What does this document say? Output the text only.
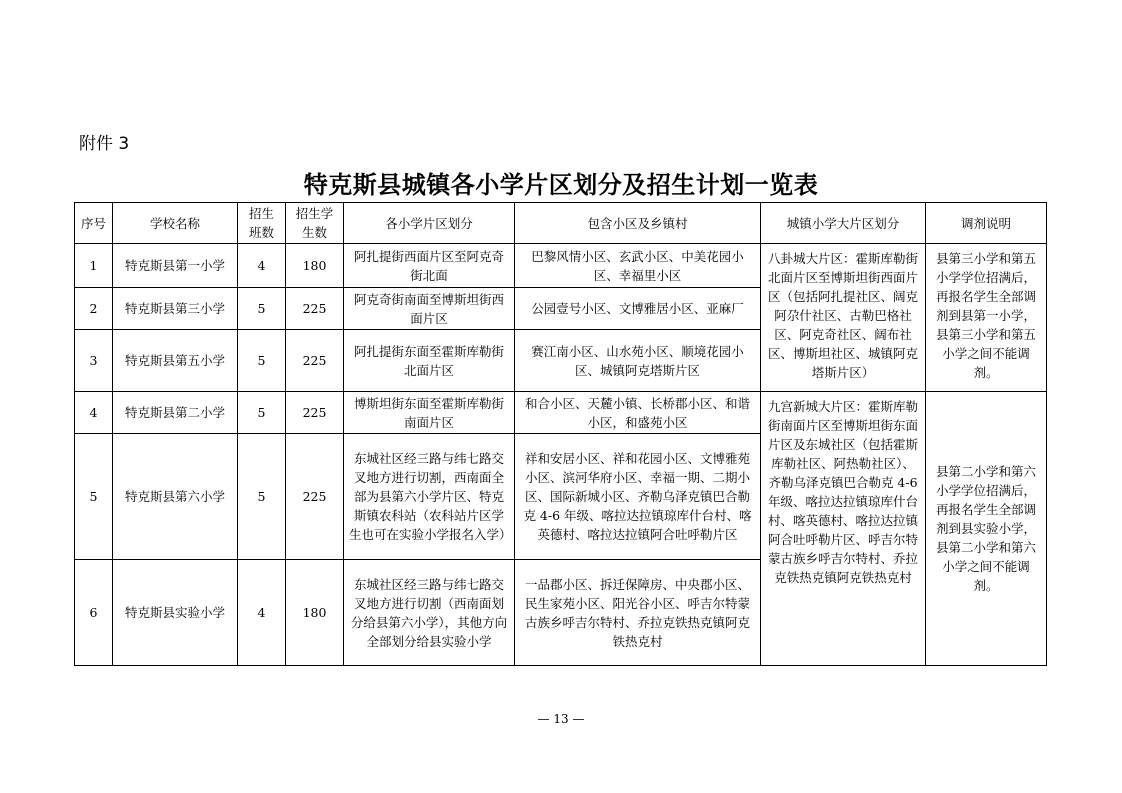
附件 3
特克斯县城镇各小学片区划分及招生计划一览表
序号	学校名称	招生班数	招生学生数	各小学片区划分	包含小区及乡镇村	城镇小学大片区划分	调剂说明
1	特克斯县第一小学	4	180	阿扎提街西面片区至阿克奇街北面	巴黎风情小区、玄武小区、中美花园小区、幸福里小区	八卦城大片区：霍斯库勒街北面片区至博斯坦街西面片区（包括阿扎提社区、阔克阿尕什社区、古勒巴格社区、阿克奇社区、阔布社区、博斯坦社区、城镇阿克塔斯片区）	县第三小学和第五小学学位招满后，再报名学生全部调剂到县第一小学，县第三小学和第五小学之间不能调剂。
2	特克斯县第三小学	5	225	阿克奇街南面至博斯坦街西面片区	公园壹号小区、文博雅居小区、亚麻厂		
3	特克斯县第五小学	5	225	阿扎提街东面至霍斯库勒街北面片区	赛江南小区、山水苑小区、顺境花园小区、城镇阿克塔斯片区		
4	特克斯县第二小学	5	225	博斯坦街东面至霍斯库勒街南面片区	和合小区、天麓小镇、长桥郡小区、和谐小区，和盛苑小区	九宫新城大片区：霍斯库勒街南面片区至博斯坦街东面片区及东城社区（包括霍斯库勒社区、阿热勒社区）、齐勒乌泽克镇巴合勒克 4-6 年级、喀拉达拉镇琼库什台村、喀英德村、喀拉达拉镇阿合吐呼勒片区、呼吉尔特蒙古族乡呼吉尔特村、乔拉克铁热克镇阿克铁热克村	县第二小学和第六小学学位招满后，再报名学生全部调剂到县实验小学，县第二小学和第六小学之间不能调剂。
5	特克斯县第六小学	5	225	东城社区经三路与纬七路交叉地方进行切割，西南面全部为县第六小学片区、特克斯镇农科站（农科站片区学生也可在实验小学报名入学）	祥和安居小区、祥和花园小区、文博雅苑小区、滨河华府小区、幸福一期、二期小区、国际新城小区、齐勒乌泽克镇巴合勒克 4-6 年级、喀拉达拉镇琼库什台村、喀英德村、喀拉达拉镇阿合吐呼勒片区		
6	特克斯县实验小学	4	180	东城社区经三路与纬七路交叉地方进行切割（西南面划分给县第六小学），其他方向全部划分给县实验小学	一品郡小区、拆迁保障房、中央郡小区、民生家苑小区、阳光谷小区、呼吉尔特蒙古族乡呼吉尔特村、乔拉克铁热克镇阿克铁热克村		
— 13 —
